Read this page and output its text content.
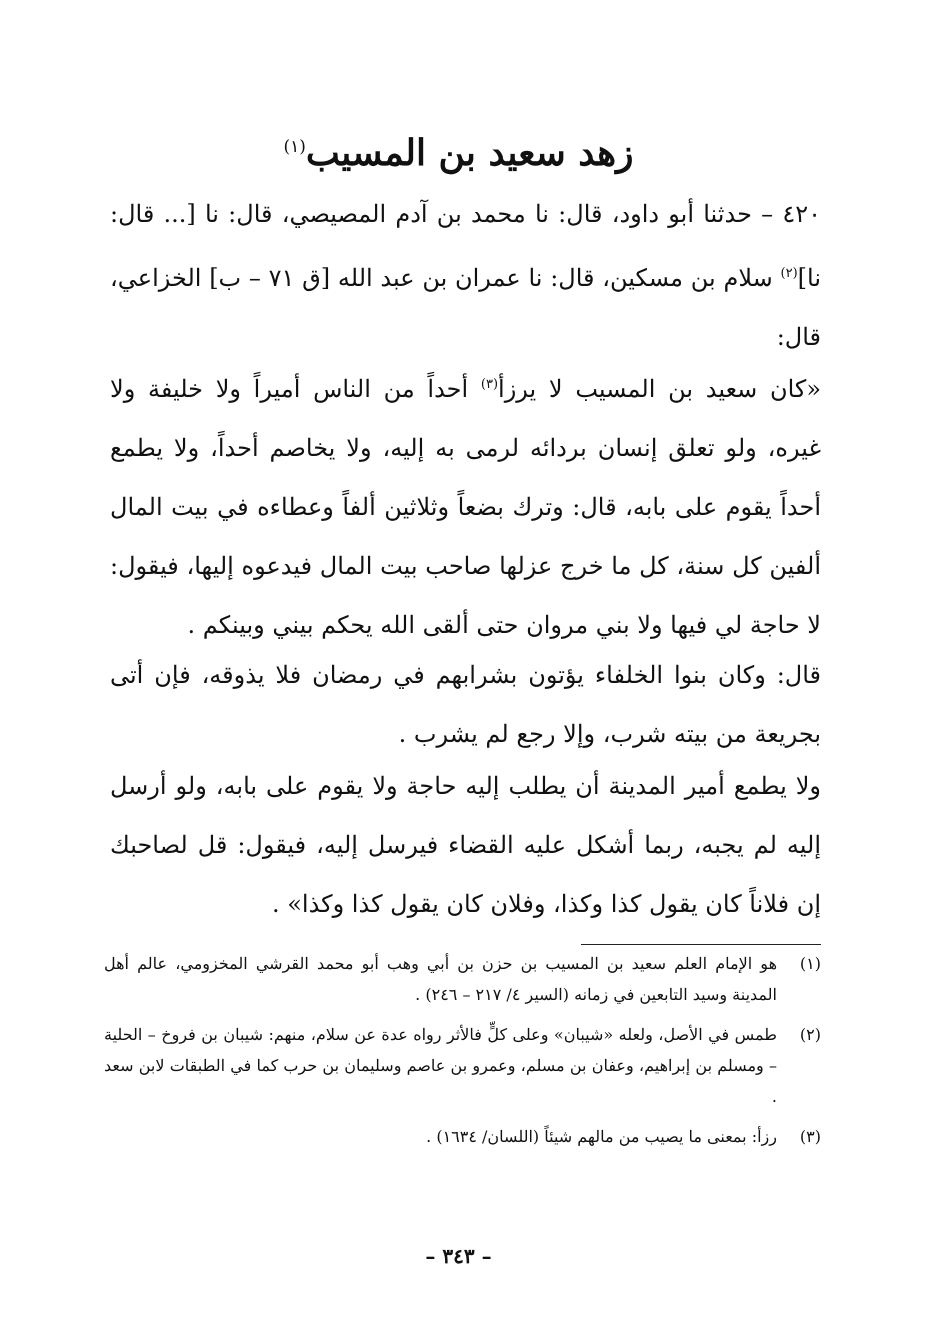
زهد سعيد بن المسيب$^{(١)}$

٤٢٠ – حدثنا أبو داود، قال: نا محمد بن آدم المصيصي، قال: نا [... قال: نا]$^{(٢)}$ سلام بن مسكين، قال: نا عمران بن عبد الله [ق ٧١ – ب] الخزاعي، قال:

«كان سعيد بن المسيب لا يرزأ$^{(٣)}$ أحداً من الناس أميراً ولا خليفة ولا غيره، ولو تعلق إنسان بردائه لرمى به إليه، ولا يخاصم أحداً، ولا يطمع أحداً يقوم على بابه، قال: وترك بضعاً وثلاثين ألفاً وعطاءه في بيت المال ألفين كل سنة، كل ما خرج عزلها صاحب بيت المال فيدعوه إليها، فيقول: لا حاجة لي فيها ولا بني مروان حتى ألقى الله يحكم بيني وبينكم .

قال: وكان بنوا الخلفاء يؤتون بشرابهم في رمضان فلا يذوقه، فإن أتى بجريعة من بيته شرب، وإلا رجع لم يشرب .

ولا يطمع أمير المدينة أن يطلب إليه حاجة ولا يقوم على بابه، ولو أرسل إليه لم يجبه، ربما أشكل عليه القضاء فيرسل إليه، فيقول: قل لصاحبك إن فلاناً كان يقول كذا وكذا، وفلان كان يقول كذا وكذا» .

(١)
هو الإمام العلم سعيد بن المسيب بن حزن بن أبي وهب أبو محمد القرشي المخزومي، عالم أهل المدينة وسيد التابعين في زمانه (السير ٤/ ٢١٧ – ٢٤٦) .
(٢)
طمس في الأصل، ولعله «شيبان» وعلى كلٍّ فالأثر رواه عدة عن سلام، منهم: شيبان بن فروخ – الحلية – ومسلم بن إبراهيم، وعفان بن مسلم، وعمرو بن عاصم وسليمان بن حرب كما في الطبقات لابن سعد .
(٣)
رزأ: بمعنى ما يصيب من مالهم شيئاً (اللسان/ ١٦٣٤) .
– ٣٤٣ –
